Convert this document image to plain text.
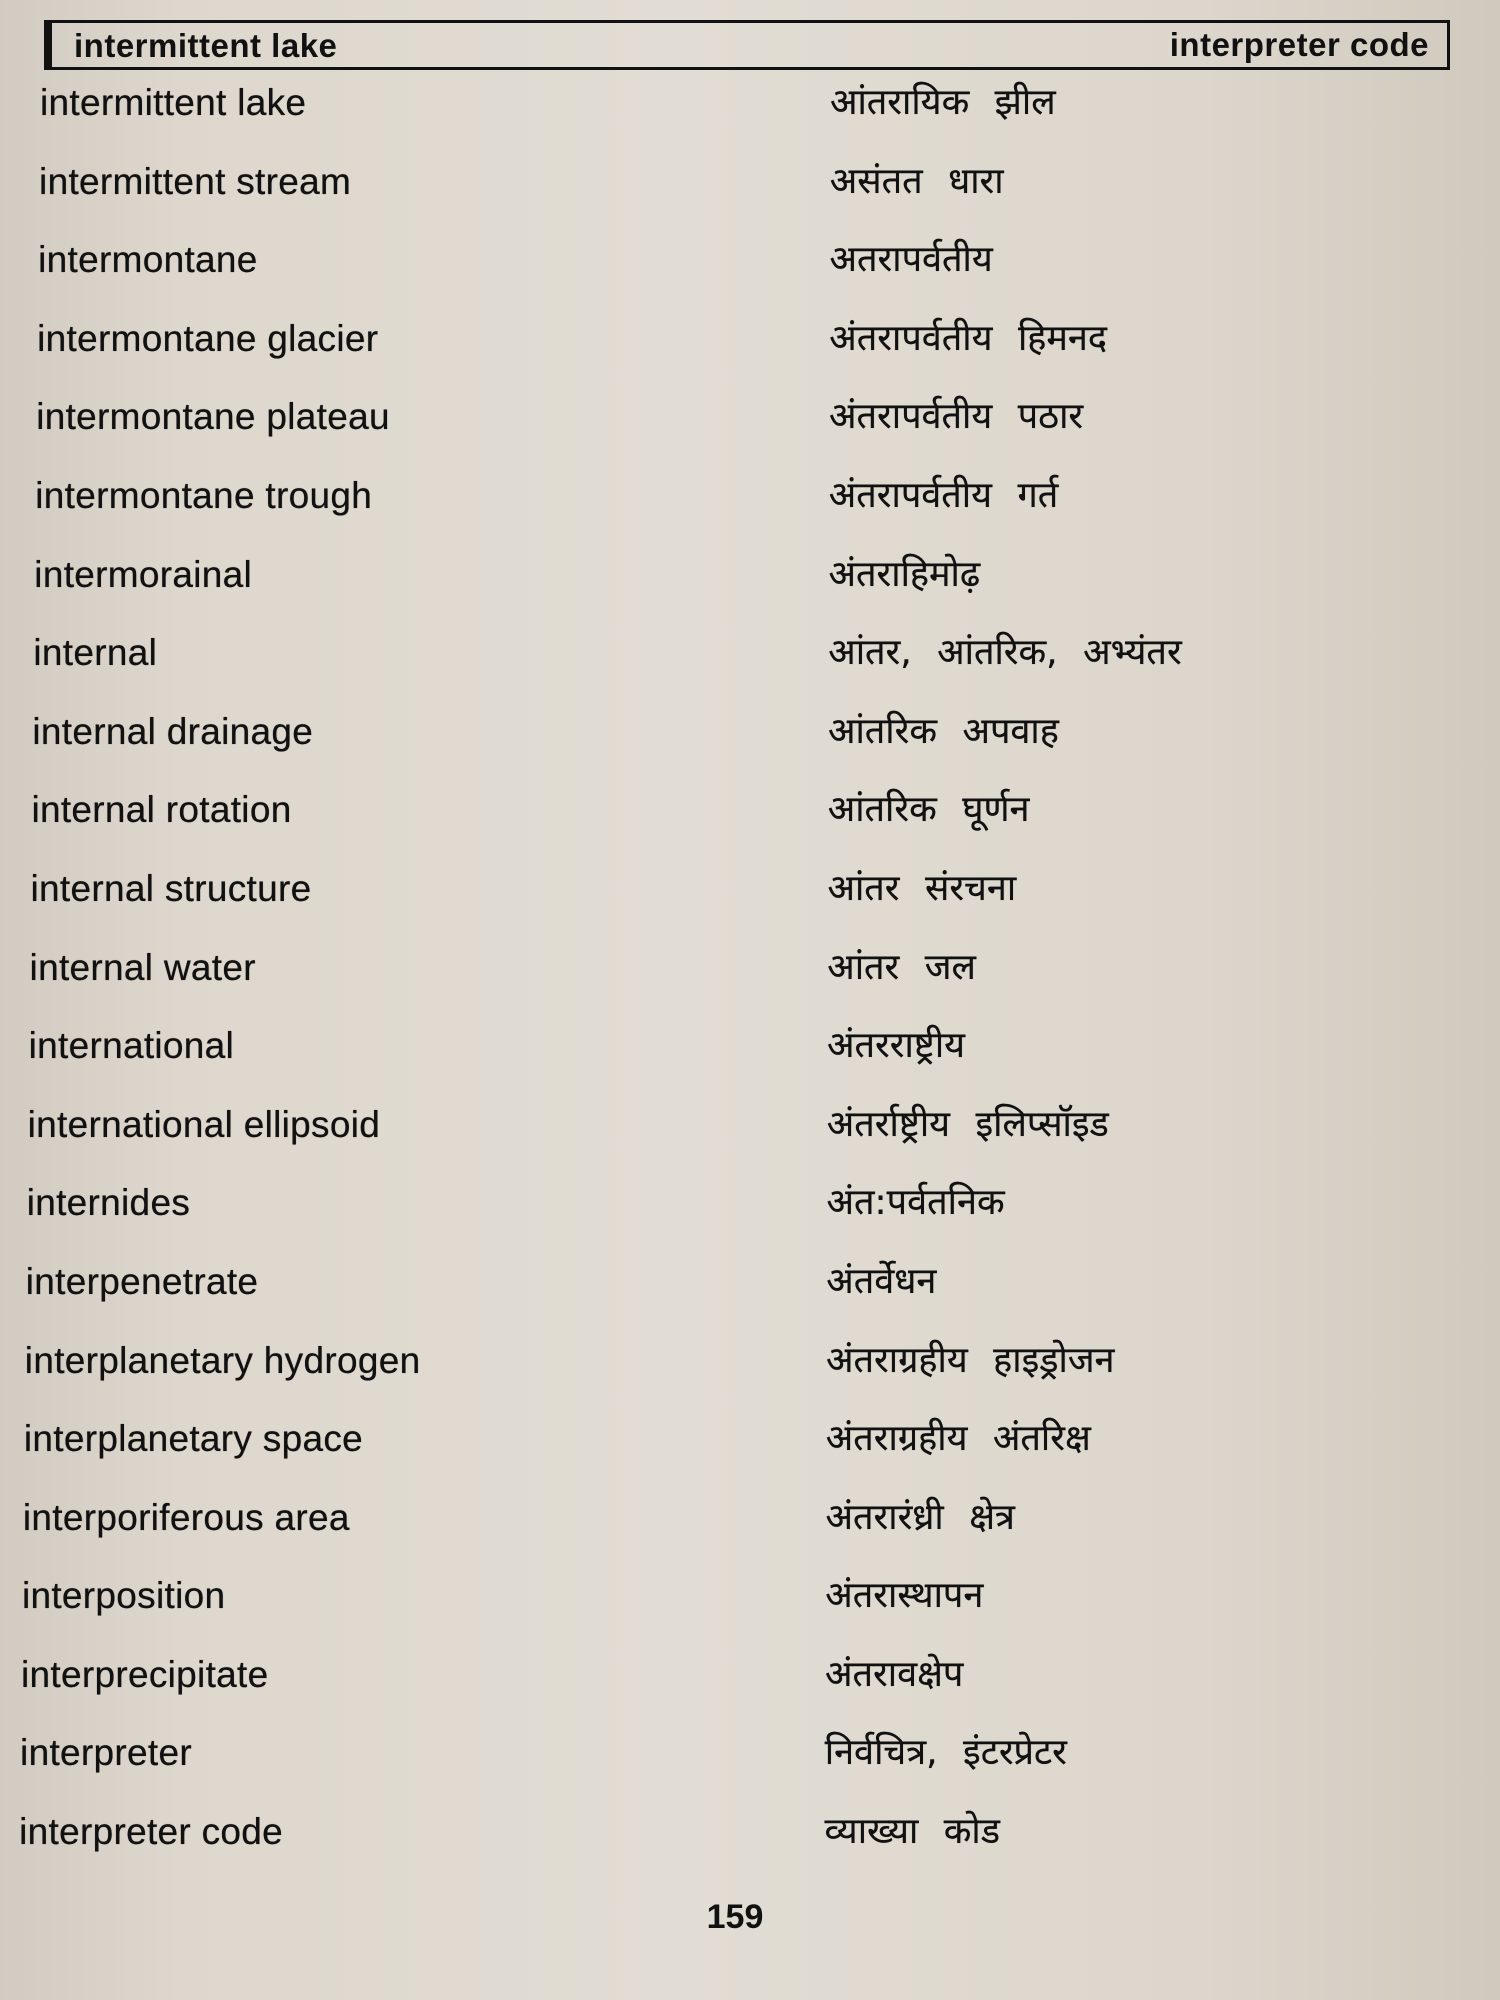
intermittent lake	interpreter code
intermittent lake	आंतरायिक झील
intermittent stream	असंतत धारा
intermontane	अतरापर्वतीय
intermontane glacier	अंतरापर्वतीय हिमनद
intermontane plateau	अंतरापर्वतीय पठार
intermontane trough	अंतरापर्वतीय गर्त
intermorainal	अंतराहिमोढ़
internal	आंतर, आंतरिक, अभ्यंतर
internal drainage	आंतरिक अपवाह
internal rotation	आंतरिक घूर्णन
internal structure	आंतर संरचना
internal water	आंतर जल
international	अंतरराष्ट्रीय
international ellipsoid	अंतर्राष्ट्रीय इलिप्सॉइड
internides	अंत:पर्वतनिक
interpenetrate	अंतर्वेधन
interplanetary hydrogen	अंतराग्रहीय हाइड्रोजन
interplanetary space	अंतराग्रहीय अंतरिक्ष
interporiferous area	अंतरारंध्री क्षेत्र
interposition	अंतरास्थापन
interprecipitate	अंतरावक्षेप
interpreter	निर्वचित्र, इंटरप्रेटर
interpreter code	व्याख्या कोड
159
